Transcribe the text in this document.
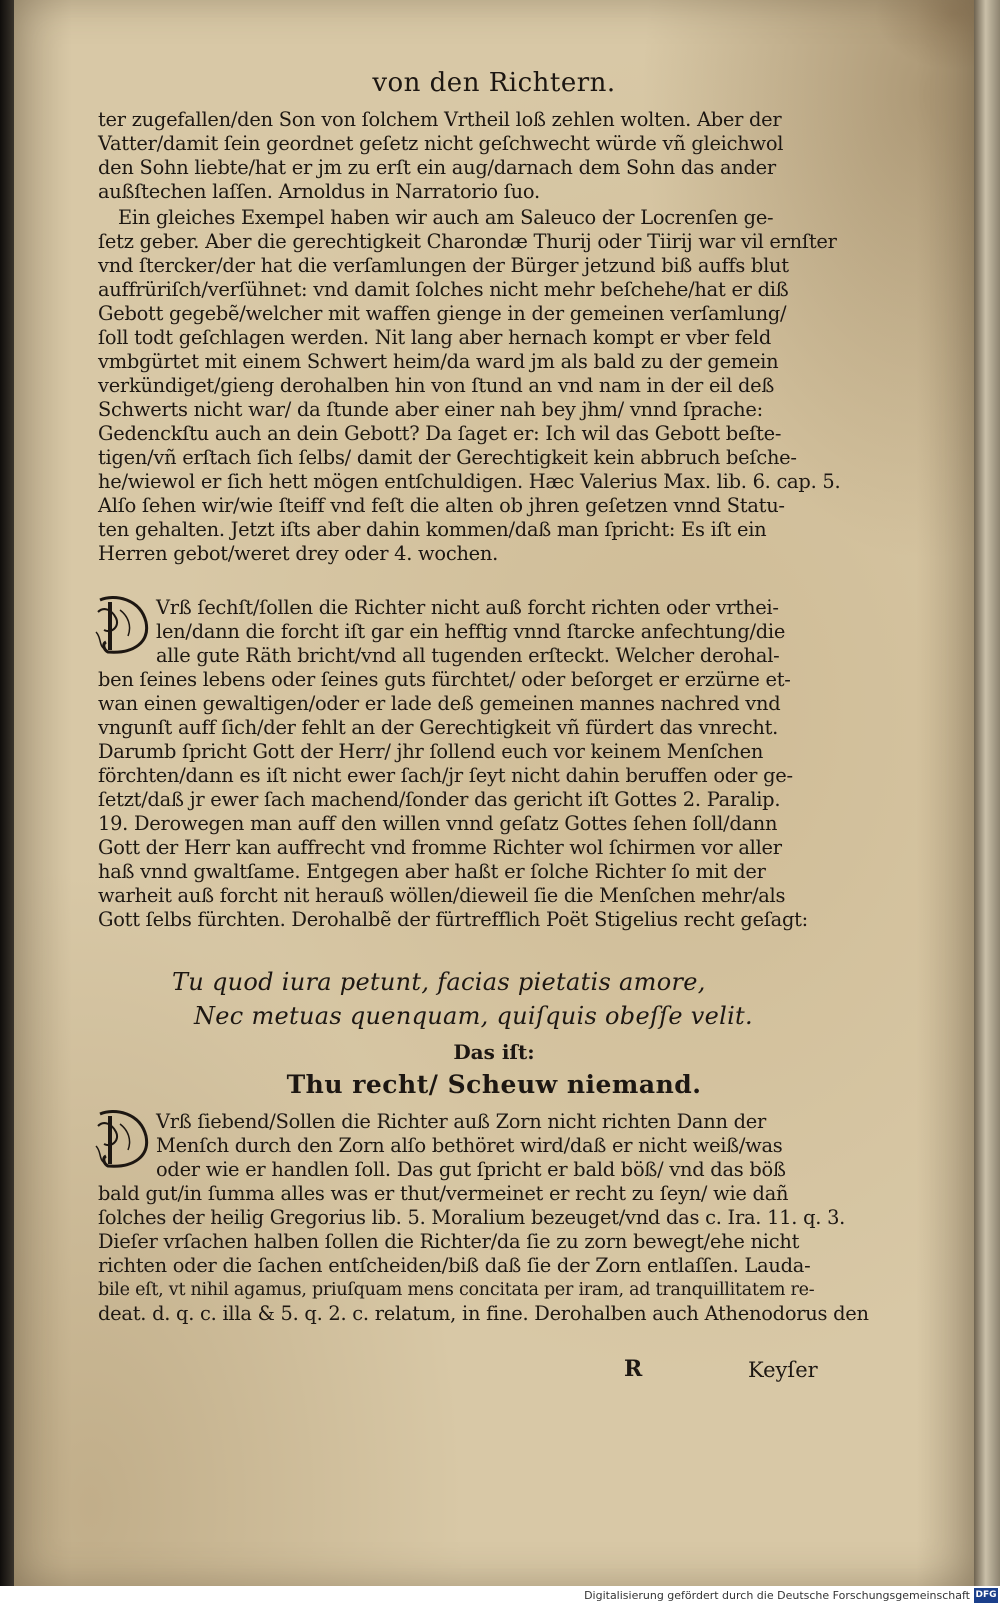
von den Richtern.
ter zugefallen/den Son von ſolchem Vrtheil loß zehlen wolten. Aber der
Vatter/damit ſein geordnet geſetz nicht geſchwecht würde vñ gleichwol
den Sohn liebte/hat er jm zu erſt ein aug/darnach dem Sohn das ander
außſtechen laſſen. Arnoldus in Narratorio ſuo.
Ein gleiches Exempel haben wir auch am Saleuco der Locrenſen ge-
ſetz geber. Aber die gerechtigkeit Charondæ Thurij oder Tiirij war vil ernſter
vnd ſtercker/der hat die verſamlungen der Bürger jetzund biß auffs blut
auffrüriſch/verſühnet: vnd damit ſolches nicht mehr beſchehe/hat er diß
Gebott gegebẽ/welcher mit waffen gienge in der gemeinen verſamlung/
ſoll todt geſchlagen werden. Nit lang aber hernach kompt er vber feld
vmbgürtet mit einem Schwert heim/da ward jm als bald zu der gemein
verkündiget/gieng derohalben hin von ſtund an vnd nam in der eil deß
Schwerts nicht war/ da ſtunde aber einer nah bey jhm/ vnnd ſprache:
Gedenckſtu auch an dein Gebott? Da ſaget er: Ich wil das Gebott beſte-
tigen/vñ erſtach ſich ſelbs/ damit der Gerechtigkeit kein abbruch beſche-
he/wiewol er ſich hett mögen entſchuldigen. Hæc Valerius Max. lib. 6. cap. 5.
Alſo ſehen wir/wie ſteiff vnd feſt die alten ob jhren geſetzen vnnd Statu-
ten gehalten. Jetzt iſts aber dahin kommen/daß man ſpricht: Es iſt ein
Herren gebot/weret drey oder 4. wochen.
Vrß ſechſt/ſollen die Richter nicht auß forcht richten oder vrthei-
len/dann die forcht iſt gar ein hefftig vnnd ſtarcke anfechtung/die
alle gute Räth bricht/vnd all tugenden erſteckt. Welcher derohal-
ben ſeines lebens oder ſeines guts fürchtet/ oder beſorget er erzürne et-
wan einen gewaltigen/oder er lade deß gemeinen mannes nachred vnd
vngunſt auff ſich/der fehlt an der Gerechtigkeit vñ fürdert das vnrecht.
Darumb ſpricht Gott der Herr/ jhr ſollend euch vor keinem Menſchen
förchten/dann es iſt nicht ewer ſach/jr ſeyt nicht dahin beruffen oder ge-
ſetzt/daß jr ewer ſach machend/ſonder das gericht iſt Gottes 2. Paralip.
19. Derowegen man auff den willen vnnd geſatz Gottes ſehen ſoll/dann
Gott der Herr kan auffrecht vnd fromme Richter wol ſchirmen vor aller
haß vnnd gwaltſame. Entgegen aber haßt er ſolche Richter ſo mit der
warheit auß forcht nit herauß wöllen/dieweil ſie die Menſchen mehr/als
Gott ſelbs fürchten. Derohalbẽ der fürtrefflich Poët Stigelius recht geſagt:
Tu quod iura petunt, facias pietatis amore,
Nec metuas quenquam, quiſquis obeſſe velit.
Das iſt:
Thu recht/ Scheuw niemand.
Vrß ſiebend/Sollen die Richter auß Zorn nicht richten Dann der
Menſch durch den Zorn alſo bethöret wird/daß er nicht weiß/was
oder wie er handlen ſoll. Das gut ſpricht er bald böß/ vnd das böß
bald gut/in ſumma alles was er thut/vermeinet er recht zu ſeyn/ wie dañ
ſolches der heilig Gregorius lib. 5. Moralium bezeuget/vnd das c. Ira. 11. q. 3.
Dieſer vrſachen halben ſollen die Richter/da ſie zu zorn bewegt/ehe nicht
richten oder die ſachen entſcheiden/biß daß ſie der Zorn entlaſſen. Lauda-
bile eſt, vt nihil agamus, priuſquam mens concitata per iram, ad tranquillitatem re-
deat. d. q. c. illa & 5. q. 2. c. relatum, in fine. Derohalben auch Athenodorus den
R	Keyſer
Digitalisierung gefördert durch die Deutsche Forschungsgemeinschaft DFG
